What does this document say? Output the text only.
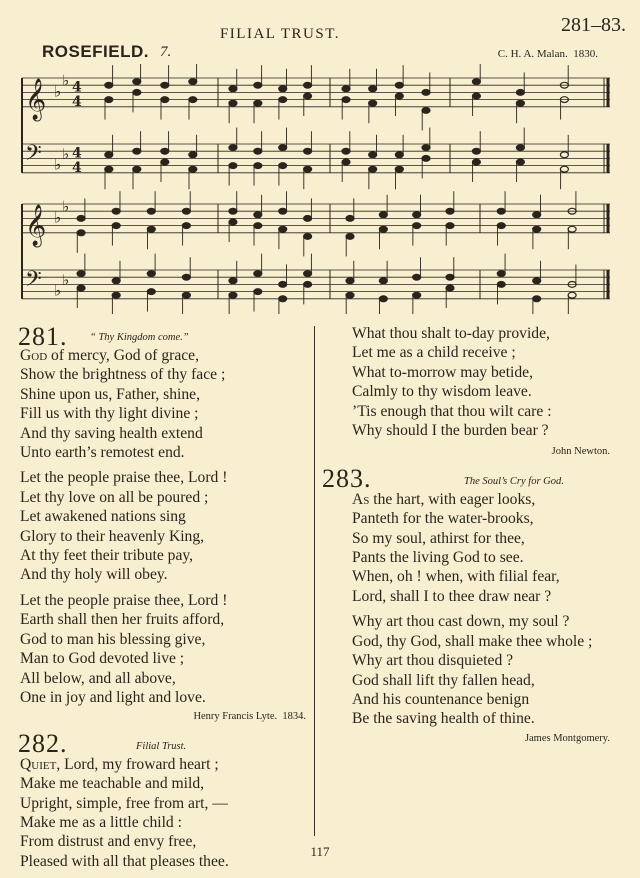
FILIAL TRUST.	281–83.
ROSEFIELD. 7.	C. H. A. Malan. 1830.
𝄞 ♭
♭ 4
4
𝄢 ♭
♭ 4
4
𝄞 ♭
♭
𝄢 ♭
♭
281. “ Thy Kingdom come.”
God of mercy, God of grace,
Show the brightness of thy face ;
Shine upon us, Father, shine,
Fill us with thy light divine ;
And thy saving health extend
Unto earth’s remotest end.
Let the people praise thee, Lord !
Let thy love on all be poured ;
Let awakened nations sing
Glory to their heavenly King,
At thy feet their tribute pay,
And thy holy will obey.
Let the people praise thee, Lord !
Earth shall then her fruits afford,
God to man his blessing give,
Man to God devoted live ;
All below, and all above,
One in joy and light and love.
Henry Francis Lyte. 1834.
282.	Filial Trust.
Quiet, Lord, my froward heart ;
Make me teachable and mild,
Upright, simple, free from art, —
Make me as a little child :
From distrust and envy free,
Pleased with all that pleases thee.
What thou shalt to-day provide,
Let me as a child receive ;
What to-morrow may betide,
Calmly to thy wisdom leave.
’Tis enough that thou wilt care :
Why should I the burden bear ?
John Newton.
283.	The Soul’s Cry for God.
As the hart, with eager looks,
Panteth for the water-brooks,
So my soul, athirst for thee,
Pants the living God to see.
When, oh ! when, with filial fear,
Lord, shall I to thee draw near ?
Why art thou cast down, my soul ?
God, thy God, shall make thee whole ;
Why art thou disquieted ?
God shall lift thy fallen head,
And his countenance benign
Be the saving health of thine.
James Montgomery.
117
